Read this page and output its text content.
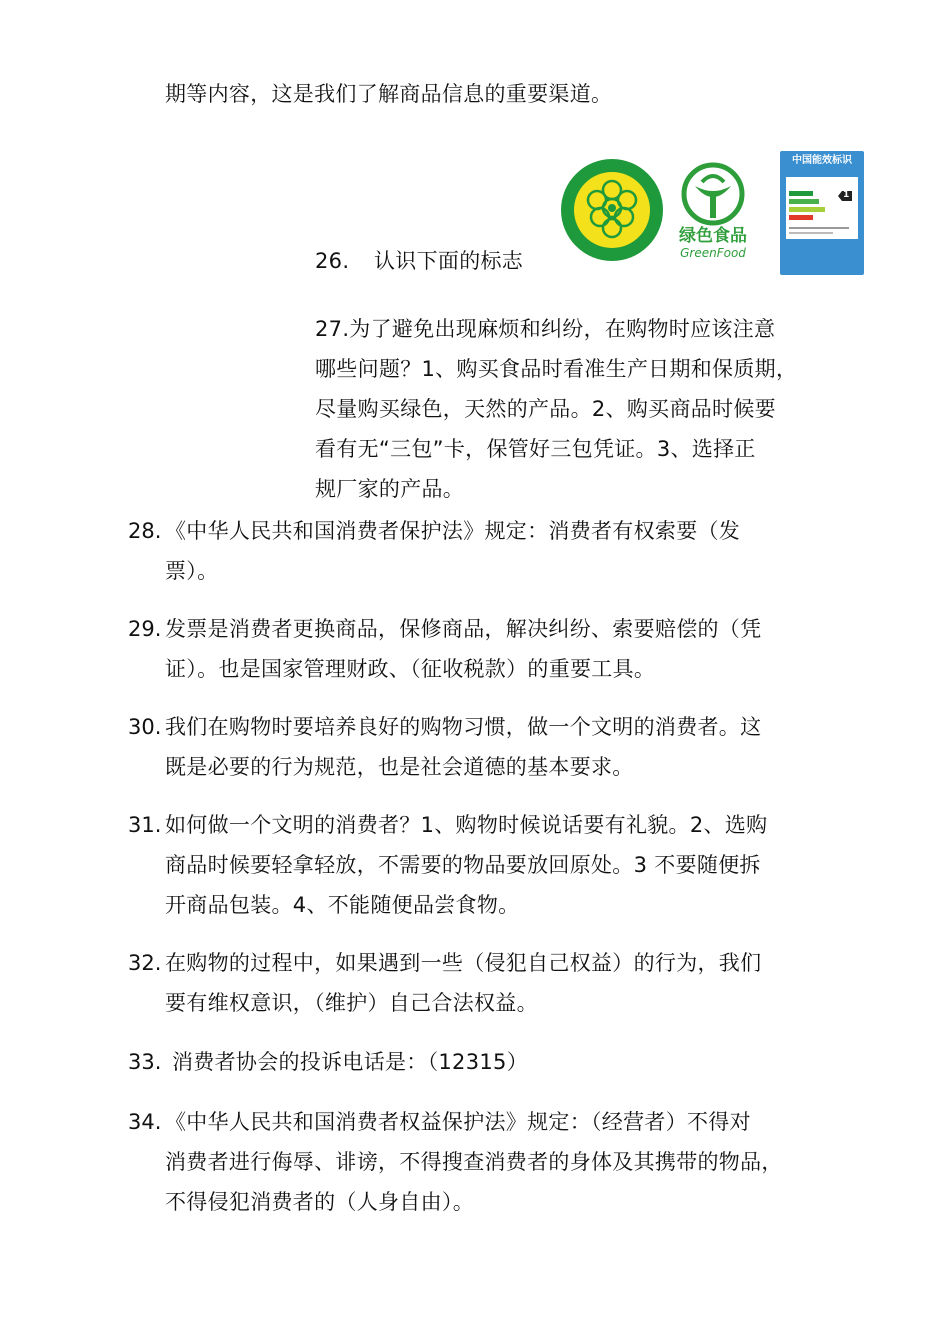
期等内容，这是我们了解商品信息的重要渠道。
26. 认识下面的标志
绿色食品
GreenFood
中国能效标识
1
27.为了避免出现麻烦和纠纷，在购物时应该注意
哪些问题？1、购买食品时看准生产日期和保质期，
尽量购买绿色，天然的产品。2、购买商品时候要
看有无“三包”卡，保管好三包凭证。3、选择正
规厂家的产品。
28. 《中华人民共和国消费者保护法》规定：消费者有权索要（发
票）。
29. 发票是消费者更换商品，保修商品，解决纠纷、索要赔偿的（凭
证）。也是国家管理财政、（征收税款）的重要工具。
30. 我们在购物时要培养良好的购物习惯，做一个文明的消费者。这
既是必要的行为规范，也是社会道德的基本要求。
31. 如何做一个文明的消费者？1、购物时候说话要有礼貌。2、选购
商品时候要轻拿轻放，不需要的物品要放回原处。3 不要随便拆
开商品包装。4、不能随便品尝食物。
32. 在购物的过程中，如果遇到一些（侵犯自己权益）的行为，我们
要有维权意识，（维护）自己合法权益。
33. 消费者协会的投诉电话是：（12315）
34. 《中华人民共和国消费者权益保护法》规定：（经营者）不得对
消费者进行侮辱、诽谤，不得搜查消费者的身体及其携带的物品，
不得侵犯消费者的（人身自由）。
